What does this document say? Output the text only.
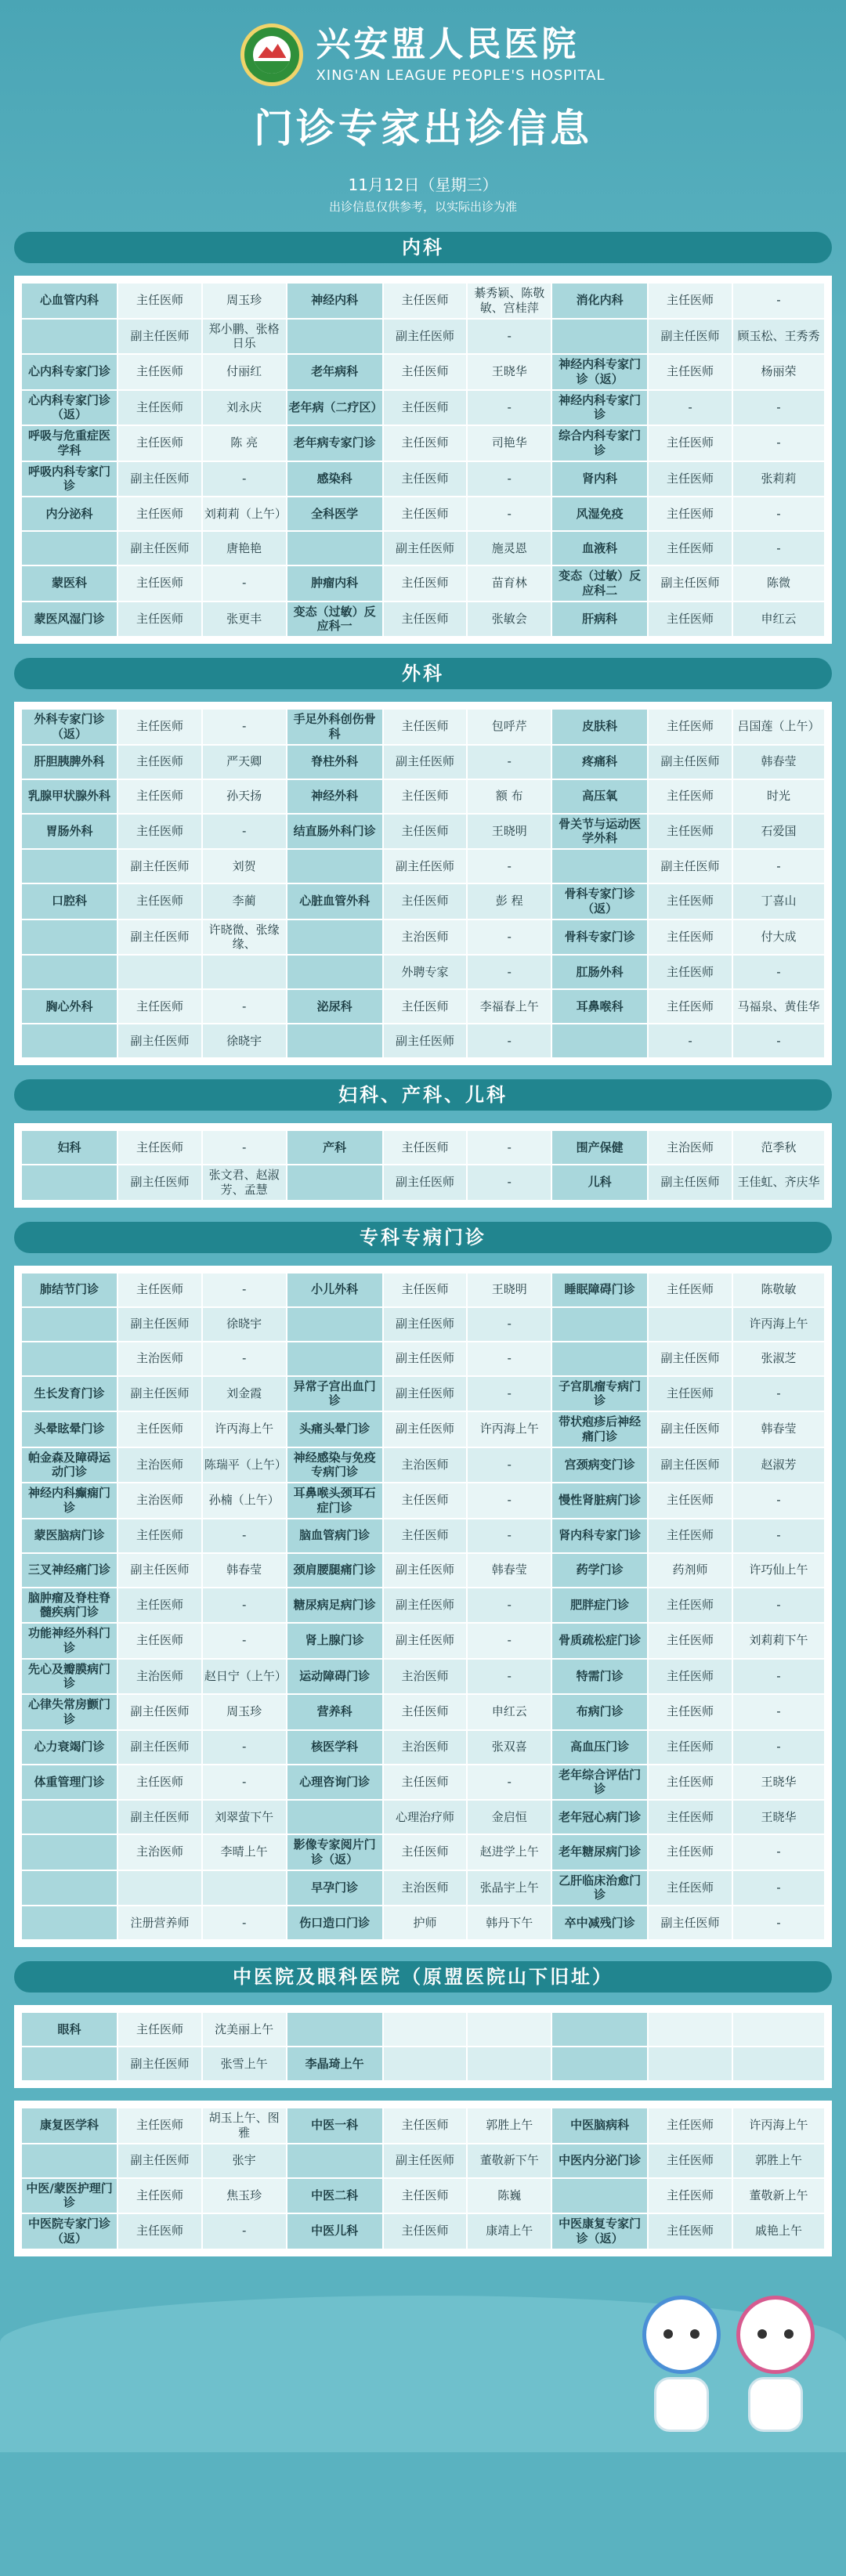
兴安盟人民医院
XING'AN LEAGUE PEOPLE'S HOSPITAL
门诊专家出诊信息
11月12日（星期三）
出诊信息仅供参考，以实际出诊为准
内科
心血管内科	主任医师	周玉珍	神经内科	主任医师	綦秀颖、陈敬敏、宫桂萍	消化内科	主任医师	-
	副主任医师	郑小鹏、张格日乐		副主任医师	-		副主任医师	顾玉松、王秀秀
心内科专家门诊	主任医师	付丽红	老年病科	主任医师	王晓华	神经内科专家门诊（返）	主任医师	杨丽荣
心内科专家门诊（返）	主任医师	刘永庆	老年病（二疗区）	主任医师	-	神经内科专家门诊	-	-
呼吸与危重症医学科	主任医师	陈 亮	老年病专家门诊	主任医师	司艳华	综合内科专家门诊	主任医师	-
呼吸内科专家门诊	副主任医师	-	感染科	主任医师	-	肾内科	主任医师	张莉莉
内分泌科	主任医师	刘莉莉（上午）	全科医学	主任医师	-	风湿免疫	主任医师	-
	副主任医师	唐艳艳		副主任医师	施灵恩	血液科	主任医师	-
蒙医科	主任医师	-	肿瘤内科	主任医师	苗育林	变态（过敏）反应科二	副主任医师	陈微
蒙医风湿门诊	主任医师	张更丰	变态（过敏）反应科一	主任医师	张敏会	肝病科	主任医师	申红云
外科
外科专家门诊（返）	主任医师	-	手足外科创伤骨科	主任医师	包呼芹	皮肤科	主任医师	吕国莲（上午）
肝胆胰脾外科	主任医师	严天卿	脊柱外科	副主任医师	-	疼痛科	副主任医师	韩春莹
乳腺甲状腺外科	主任医师	孙天扬	神经外科	主任医师	额 布	高压氧	主任医师	时光
胃肠外科	主任医师	-	结直肠外科门诊	主任医师	王晓明	骨关节与运动医学外科	主任医师	石爱国
	副主任医师	刘贺		副主任医师	-		副主任医师	-
口腔科	主任医师	李蔺	心脏血管外科	主任医师	彭 程	骨科专家门诊（返）	主任医师	丁喜山
	副主任医师	许晓微、张缘缘、		主治医师	-	骨科专家门诊	主任医师	付大成
				外聘专家	-	肛肠外科	主任医师	-
胸心外科	主任医师	-	泌尿科	主任医师	李福春上午	耳鼻喉科	主任医师	马福泉、黄佳华
	副主任医师	徐晓宇		副主任医师	-		-	-
妇科、产科、儿科
妇科	主任医师	-	产科	主任医师	-	围产保健	主治医师	范季秋
	副主任医师	张文君、赵淑芳、孟慧		副主任医师	-	儿科	副主任医师	王佳虹、齐庆华
专科专病门诊
肺结节门诊	主任医师	-	小儿外科	主任医师	王晓明	睡眠障碍门诊	主任医师	陈敬敏
	副主任医师	徐晓宇		副主任医师	-			许丙海上午
	主治医师	-		副主任医师	-		副主任医师	张淑芝
生长发育门诊	副主任医师	刘金霞	异常子宫出血门诊	副主任医师	-	子宫肌瘤专病门诊	主任医师	-
头晕眩晕门诊	主任医师	许丙海上午	头痛头晕门诊	副主任医师	许丙海上午	带状疱疹后神经痛门诊	副主任医师	韩春莹
帕金森及障碍运动门诊	主治医师	陈瑞平（上午）	神经感染与免疫专病门诊	主治医师	-	宫颈病变门诊	副主任医师	赵淑芳
神经内科癫痫门诊	主治医师	孙楠（上午）	耳鼻喉头颈耳石症门诊	主任医师	-	慢性肾脏病门诊	主任医师	-
蒙医脑病门诊	主任医师	-	脑血管病门诊	主任医师	-	肾内科专家门诊	主任医师	-
三叉神经痛门诊	副主任医师	韩春莹	颈肩腰腿痛门诊	副主任医师	韩春莹	药学门诊	药剂师	许巧仙上午
脑肿瘤及脊柱脊髓疾病门诊	主任医师	-	糖尿病足病门诊	副主任医师	-	肥胖症门诊	主任医师	-
功能神经外科门诊	主任医师	-	肾上腺门诊	副主任医师	-	骨质疏松症门诊	主任医师	刘莉莉下午
先心及瓣膜病门诊	主治医师	赵日宁（上午）	运动障碍门诊	主治医师	-	特需门诊	主任医师	-
心律失常房颤门诊	副主任医师	周玉珍	营养科	主任医师	申红云	布病门诊	主任医师	-
心力衰竭门诊	副主任医师	-	核医学科	主治医师	张双喜	高血压门诊	主任医师	-
体重管理门诊	主任医师	-	心理咨询门诊	主任医师	-	老年综合评估门诊	主任医师	王晓华
	副主任医师	刘翠萤下午		心理治疗师	金启恒	老年冠心病门诊	主任医师	王晓华
	主治医师	李晴上午	影像专家阅片门诊（返）	主任医师	赵进学上午	老年糖尿病门诊	主任医师	-
			早孕门诊	主治医师	张晶宇上午	乙肝临床治愈门诊	主任医师	-
	注册营养师	-	伤口造口门诊	护师	韩丹下午	卒中减残门诊	副主任医师	-
中医院及眼科医院（原盟医院山下旧址）
眼科	主任医师	沈美丽上午						
	副主任医师	张雪上午	李晶琦上午					
康复医学科	主任医师	胡玉上午、图雅	中医一科	主任医师	郭胜上午	中医脑病科	主任医师	许丙海上午
	副主任医师	张宇		副主任医师	董敬新下午	中医内分泌门诊	主任医师	郭胜上午
中医/蒙医护理门诊	主任医师	焦玉珍	中医二科	主任医师	陈巍		主任医师	董敬新上午
中医院专家门诊（返）	主任医师	-	中医儿科	主任医师	康靖上午	中医康复专家门诊（返）	主任医师	戚艳上午
